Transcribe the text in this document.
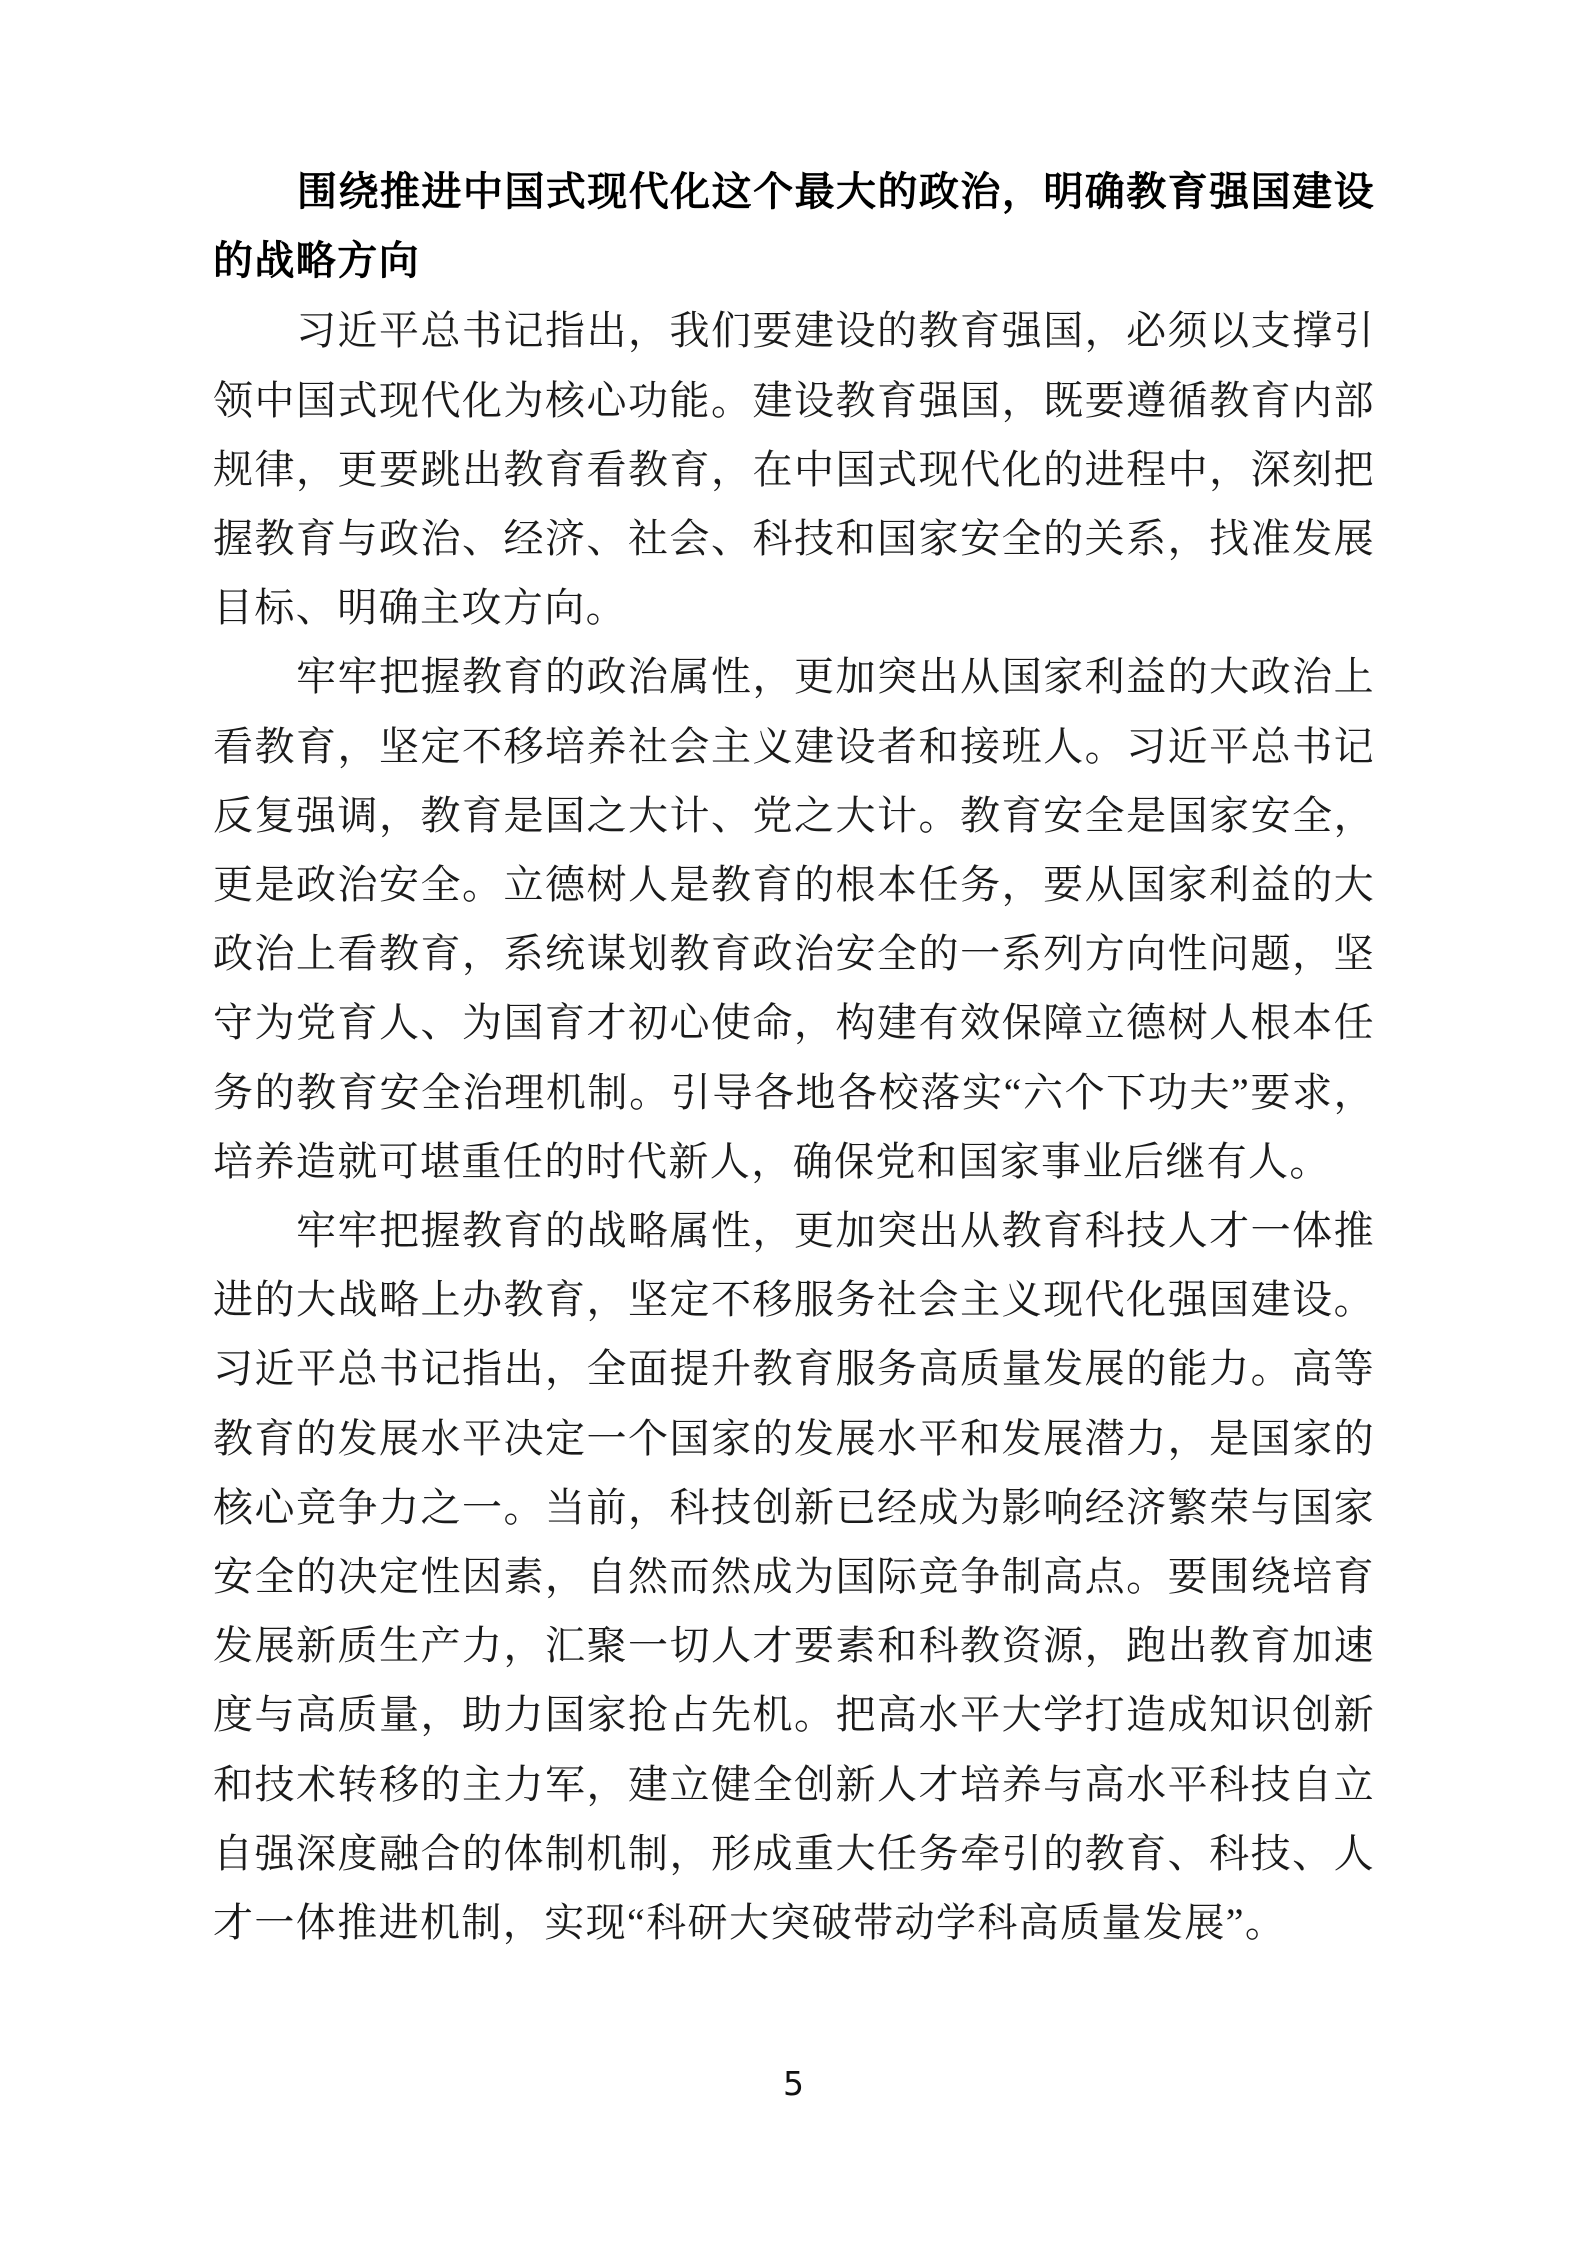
围绕推进中国式现代化这个最大的政治，明确教育强国建设的战略方向

习近平总书记指出，我们要建设的教育强国，必须以支撑引领中国式现代化为核心功能。建设教育强国，既要遵循教育内部规律，更要跳出教育看教育，在中国式现代化的进程中，深刻把握教育与政治、经济、社会、科技和国家安全的关系，找准发展目标、明确主攻方向。

牢牢把握教育的政治属性，更加突出从国家利益的大政治上看教育，坚定不移培养社会主义建设者和接班人。习近平总书记反复强调，教育是国之大计、党之大计。教育安全是国家安全，更是政治安全。立德树人是教育的根本任务，要从国家利益的大政治上看教育，系统谋划教育政治安全的一系列方向性问题，坚守为党育人、为国育才初心使命，构建有效保障立德树人根本任务的教育安全治理机制。引导各地各校落实“六个下功夫”要求，培养造就可堪重任的时代新人，确保党和国家事业后继有人。

牢牢把握教育的战略属性，更加突出从教育科技人才一体推进的大战略上办教育，坚定不移服务社会主义现代化强国建设。习近平总书记指出，全面提升教育服务高质量发展的能力。高等教育的发展水平决定一个国家的发展水平和发展潜力，是国家的核心竞争力之一。当前，科技创新已经成为影响经济繁荣与国家安全的决定性因素，自然而然成为国际竞争制高点。要围绕培育发展新质生产力，汇聚一切人才要素和科教资源，跑出教育加速度与高质量，助力国家抢占先机。把高水平大学打造成知识创新和技术转移的主力军，建立健全创新人才培养与高水平科技自立自强深度融合的体制机制，形成重大任务牵引的教育、科技、人才一体推进机制，实现“科研大突破带动学科高质量发展”。

5
